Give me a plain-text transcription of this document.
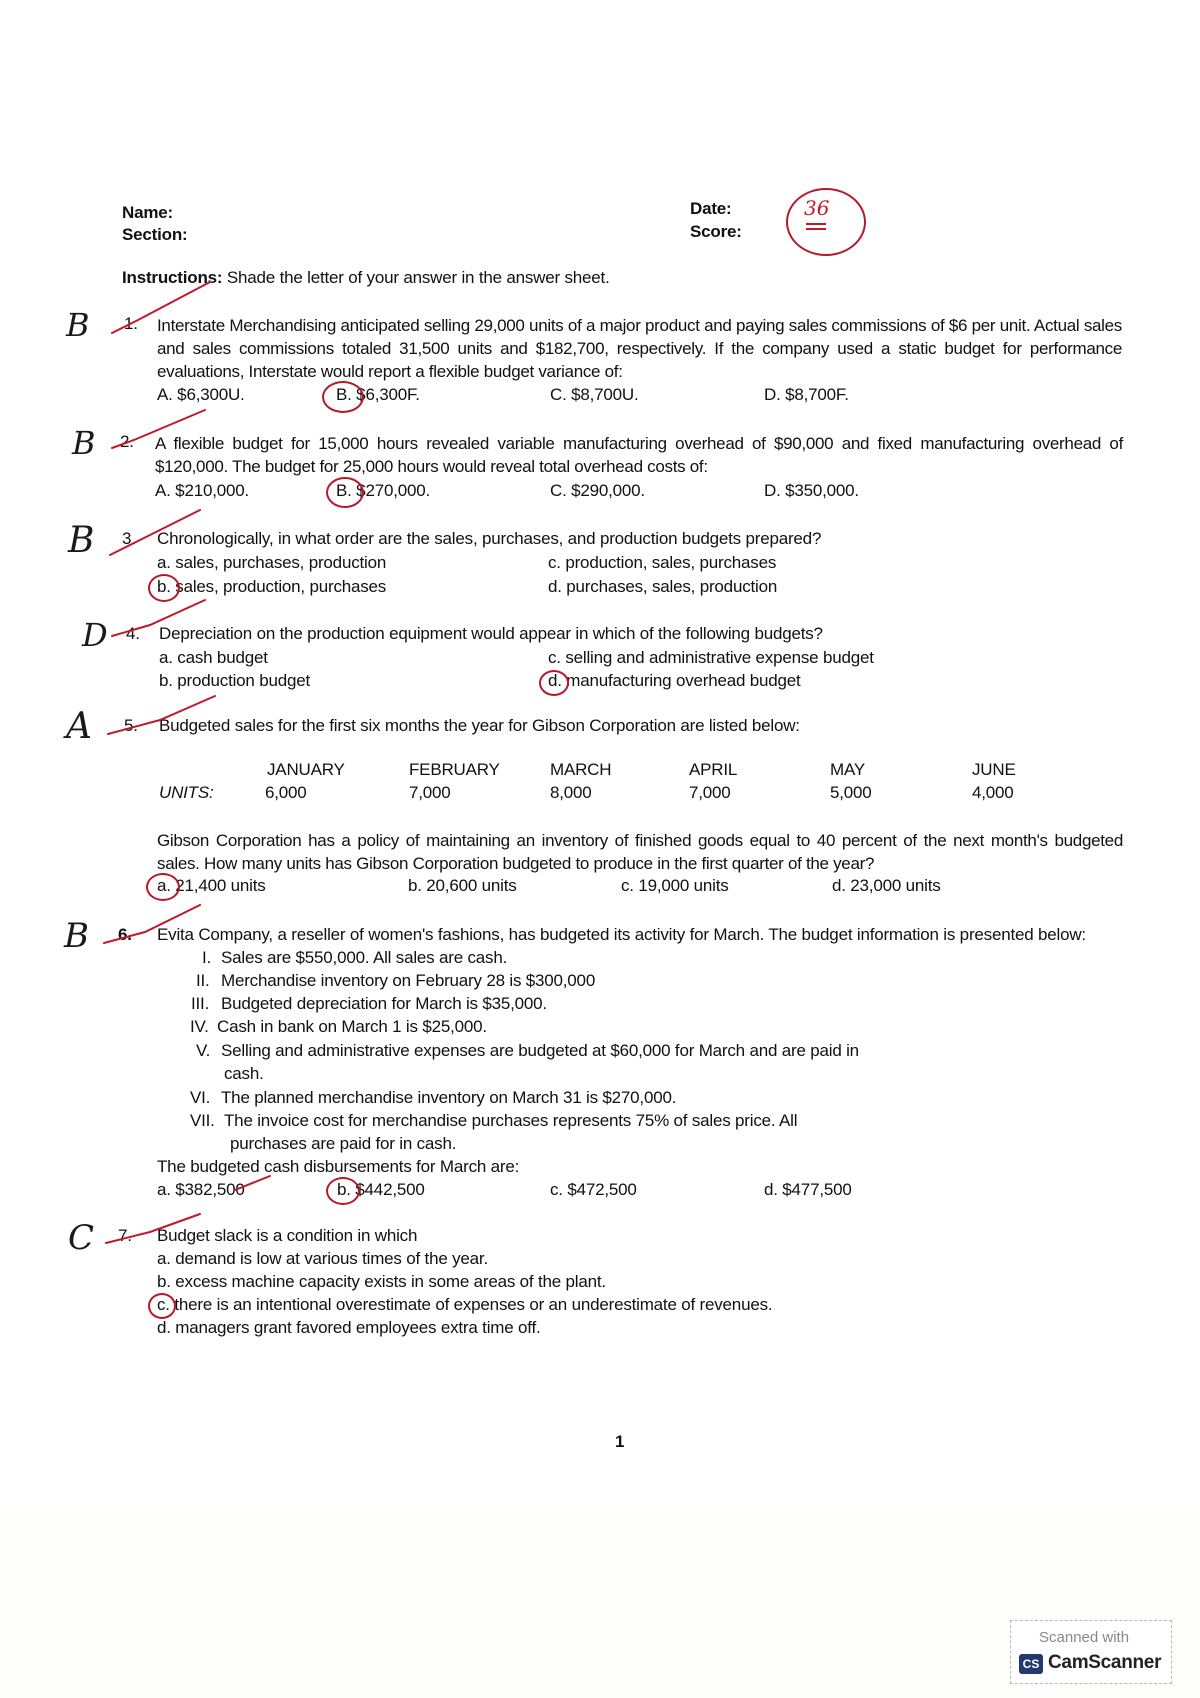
Name:
Section:
Date:
Score:
36
Instructions: Shade the letter of your answer in the answer sheet.
B 1. Interstate Merchandising anticipated selling 29,000 units of a major product and paying sales commissions of $6 per unit. Actual sales and sales commissions totaled 31,500 units and $182,700, respectively. If the company used a static budget for performance evaluations, Interstate would report a flexible budget variance of:
A. $6,300U.	B. $6,300F.	C. $8,700U.	D. $8,700F.
B 2. A flexible budget for 15,000 hours revealed variable manufacturing overhead of $90,000 and fixed manufacturing overhead of $120,000. The budget for 25,000 hours would reveal total overhead costs of:
A. $210,000.	B. $270,000.	C. $290,000.	D. $350,000.
B 3. Chronologically, in what order are the sales, purchases, and production budgets prepared?
a. sales, purchases, production
b. sales, production, purchases
c. production, sales, purchases
d. purchases, sales, production
D 4. Depreciation on the production equipment would appear in which of the following budgets?
a. cash budget
b. production budget
c. selling and administrative expense budget
d. manufacturing overhead budget
A 5. Budgeted sales for the first six months the year for Gibson Corporation are listed below:
JANUARY	FEBRUARY	MARCH	APRIL	MAY	JUNE
UNITS:	6,000	7,000	8,000	7,000	5,000	4,000
Gibson Corporation has a policy of maintaining an inventory of finished goods equal to 40 percent of the next month's budgeted sales. How many units has Gibson Corporation budgeted to produce in the first quarter of the year?
a. 21,400 units	b. 20,600 units	c. 19,000 units	d. 23,000 units
B 6. Evita Company, a reseller of women's fashions, has budgeted its activity for March. The budget information is presented below:
I. Sales are $550,000. All sales are cash.
II. Merchandise inventory on February 28 is $300,000
III. Budgeted depreciation for March is $35,000.
IV. Cash in bank on March 1 is $25,000.
V. Selling and administrative expenses are budgeted at $60,000 for March and are paid in
cash.
VI. The planned merchandise inventory on March 31 is $270,000.
VII. The invoice cost for merchandise purchases represents 75% of sales price. All
purchases are paid for in cash.
The budgeted cash disbursements for March are:
a. $382,500	b. $442,500	c. $472,500	d. $477,500
C 7. Budget slack is a condition in which
a. demand is low at various times of the year.
b. excess machine capacity exists in some areas of the plant.
c. there is an intentional overestimate of expenses or an underestimate of revenues.
d. managers grant favored employees extra time off.
1
Scanned with
CS CamScanner
